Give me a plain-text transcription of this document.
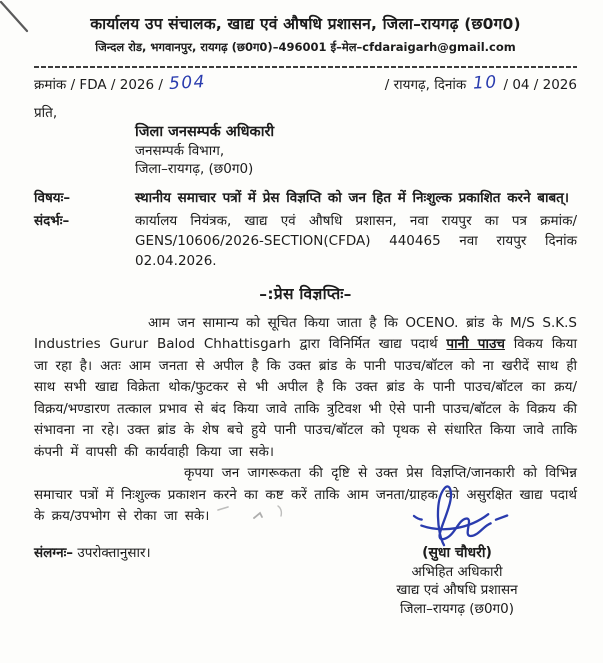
कार्यालय उप संचालक, खाद्य एवं औषधि प्रशासन, जिला–रायगढ़ (छ0ग0)
जिन्दल रोड, भगवानपुर, रायगढ़ (छ0ग0)–496001 ई–मेल–cfdaraigarh@gmail.com
क्रमांक / FDA / 2026 / 504	/ रायगढ़, दिनांक 10 / 04 / 2026
प्रति,
जिला जनसम्पर्क अधिकारी
जनसम्पर्क विभाग,
जिला–रायगढ़, (छ0ग0)
विषयः–	स्थानीय समाचार पत्रों में प्रेस विज्ञप्ति को जन हित में निःशुल्क प्रकाशित करने बाबत्।
संदर्भः–	कार्यालय नियंत्रक, खाद्य एवं औषधि प्रशासन, नवा रायपुर का पत्र क्रमांक/ GENS/10606/2026-SECTION(CFDA) 440465 नवा रायपुर दिनांक 02.04.2026.
–:प्रेस विज्ञप्तिः–
आम जन सामान्य को सूचित किया जाता है कि OCENO. ब्रांड के M/S S.K.S Industries Gurur Balod Chhattisgarh द्वारा विनिर्मित खाद्य पदार्थ पानी पाउच विकय किया जा रहा है। अतः आम जनता से अपील है कि उक्त ब्रांड के पानी पाउच/बॉटल को ना खरीदें साथ ही साथ सभी खाद्य विक्रेता थोक/फुटकर से भी अपील है कि उक्त ब्रांड के पानी पाउच/बॉटल का क्रय/विक्रय/भण्डारण तत्काल प्रभाव से बंद किया जावे ताकि त्रुटिवश भी ऐसे पानी पाउच/बॉटल के विक्रय की संभावना ना रहे। उक्त ब्रांड के शेष बचे हुये पानी पाउच/बॉटल को पृथक से संधारित किया जावे ताकि कंपनी में वापसी की कार्यवाही किया जा सके।
कृपया जन जागरूकता की दृष्टि से उक्त प्रेस विज्ञप्ति/जानकारी को विभिन्न समाचार पत्रों में निःशुल्क प्रकाशन करने का कष्ट करें ताकि आम जनता/ग्राहक को असुरक्षित खाद्य पदार्थ के क्रय/उपभोग से रोका जा सके।
संलग्नः– उपरोक्तानुसार।	(सुधा चौधरी)
अभिहित अधिकारी
खाद्य एवं औषधि प्रशासन
जिला–रायगढ़ (छ0ग0)
